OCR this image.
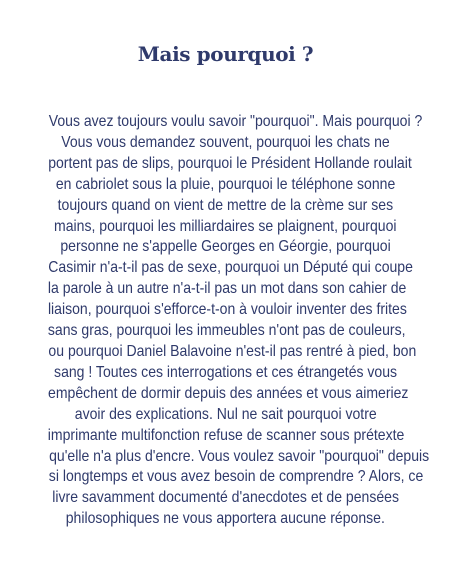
Mais pourquoi ?
Vous avez toujours voulu savoir "pourquoi". Mais pourquoi ?
Vous vous demandez souvent, pourquoi les chats ne
portent pas de slips, pourquoi le Président Hollande roulait
en cabriolet sous la pluie, pourquoi le téléphone sonne
toujours quand on vient de mettre de la crème sur ses
mains, pourquoi les milliardaires se plaignent, pourquoi
personne ne s'appelle Georges en Géorgie, pourquoi
Casimir n'a-t-il pas de sexe, pourquoi un Député qui coupe
la parole à un autre n'a-t-il pas un mot dans son cahier de
liaison, pourquoi s'efforce-t-on à vouloir inventer des frites
sans gras, pourquoi les immeubles n'ont pas de couleurs,
ou pourquoi Daniel Balavoine n'est-il pas rentré à pied, bon
sang ! Toutes ces interrogations et ces étrangetés vous
empêchent de dormir depuis des années et vous aimeriez
avoir des explications. Nul ne sait pourquoi votre
imprimante multifonction refuse de scanner sous prétexte
qu'elle n'a plus d'encre. Vous voulez savoir "pourquoi" depuis
si longtemps et vous avez besoin de comprendre ? Alors, ce
livre savamment documenté d'anecdotes et de pensées
philosophiques ne vous apportera aucune réponse.
